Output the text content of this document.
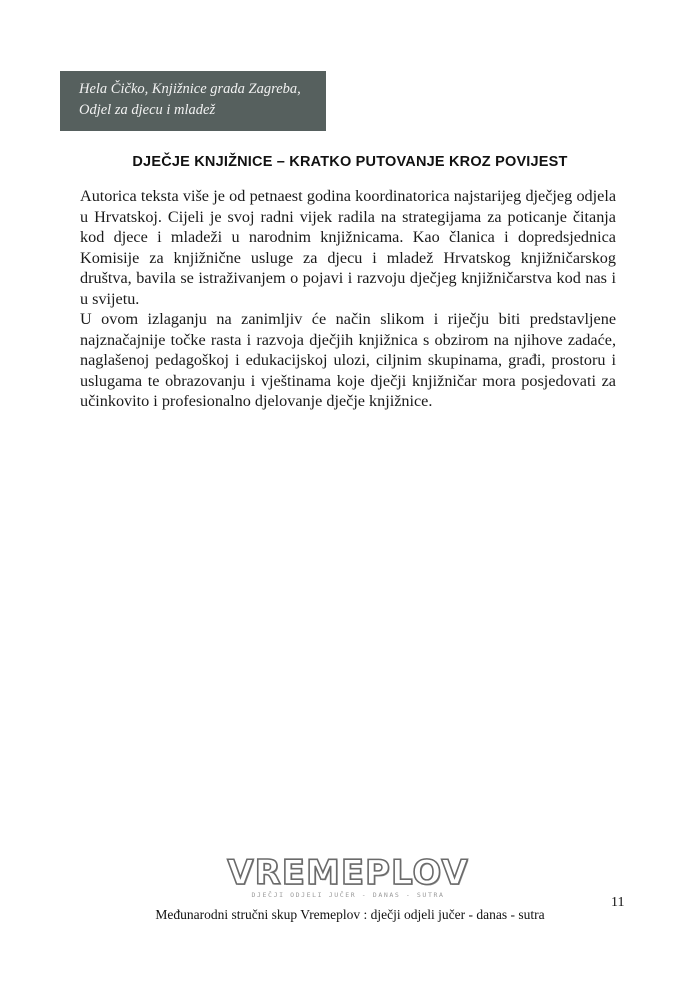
Hela Čičko, Knjižnice grada Zagreba,
Odjel za djecu i mladež
DJEČJE KNJIŽNICE – KRATKO PUTOVANJE KROZ POVIJEST

Autorica teksta više je od petnaest godina koordinatorica najstarijeg dječjeg odjela u Hrvatskoj. Cijeli je svoj radni vijek radila na strategijama za poticanje čitanja kod djece i mladeži u narodnim knjižnicama. Kao članica i dopredsjednica Komisije za knjižnične usluge za djecu i mladež Hrvatskog knjižničarskog društva, bavila se istraživanjem o pojavi i razvoju dječjeg knjižničarstva kod nas i u svijetu.

U ovom izlaganju na zanimljiv će način slikom i riječju biti predstavljene najznačajnije točke rasta i razvoja dječjih knjižnica s obzirom na njihove zadaće, naglašenoj pedagoškoj i edukacijskoj ulozi, ciljnim skupinama, građi, prostoru i uslugama te obrazovanju i vještinama koje dječji knjižničar mora posjedovati za učinkovito i profesionalno djelovanje dječje knjižnice.

VREMEPLOV
DJEČJI ODJELI JUČER - DANAS - SUTRA	11
Međunarodni stručni skup Vremeplov : dječji odjeli jučer - danas - sutra
